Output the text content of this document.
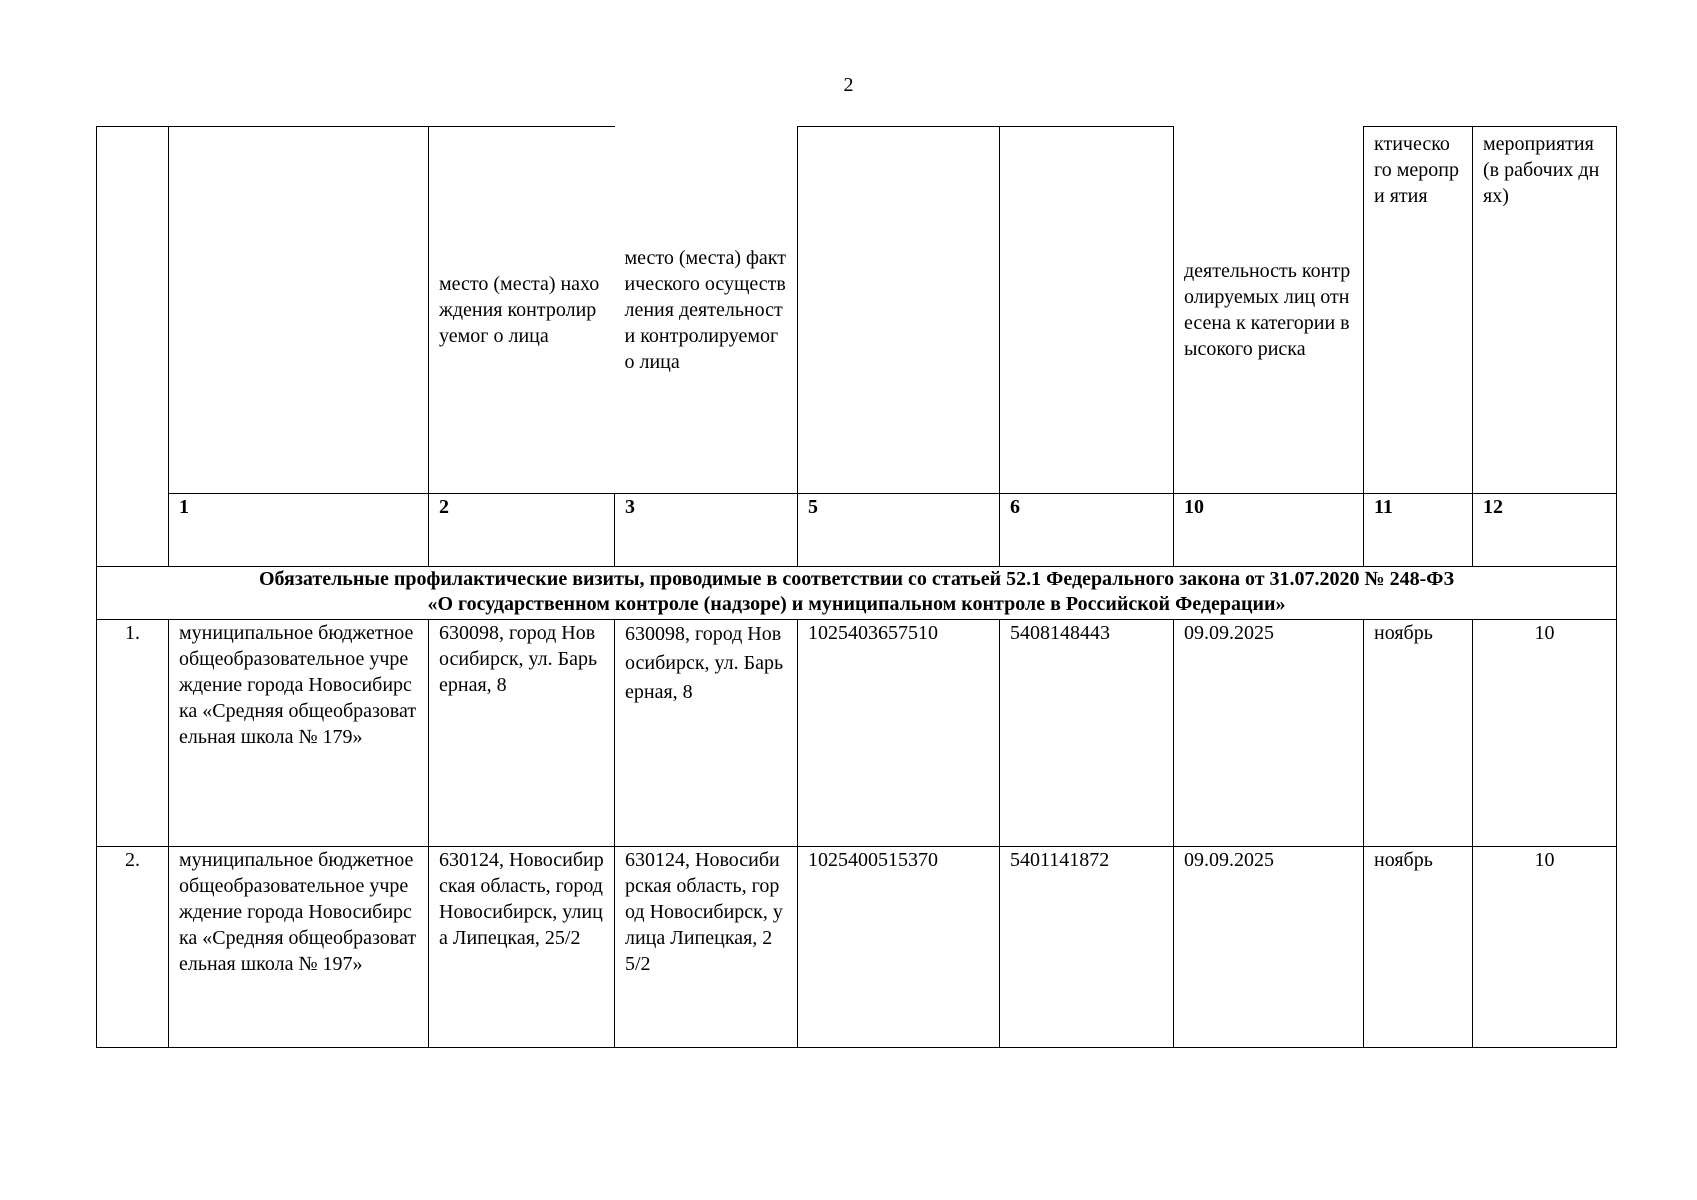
2
		место (места) нахождения контролируемог о лица	место (места) фактического осуществления деятельности контролируемог о лица			деятельность контролируемых лиц отнесена к категории высокого риска	ктическо го меропри ятия	мероприятия (в рабочих днях)
	1	2	3	5	6	10	11	12

Обязательные профилактические визиты, проводимые в соответствии со статьей 52.1 Федерального закона от 31.07.2020 № 248-ФЗ
«О государственном контроле (надзоре) и муниципальном контроле в Российской Федерации»								

1.	муниципальное бюджетное общеобразовательное учреждение города Новосибирска «Средняя общеобразовательная школа № 179»	630098, город Новосибирск, ул. Барьерная, 8	630098, город Новосибирск, ул. Барьерная, 8	1025403657510	5408148443	09.09.2025	ноябрь	10
2.	муниципальное бюджетное общеобразовательное учреждение города Новосибирска «Средняя общеобразовательная школа № 197»	630124, Новосибирская область, город Новосибирск, улица Липецкая, 25/2	630124, Новосибирская область, город Новосибирск, улица Липецкая, 25/2	1025400515370	5401141872	09.09.2025	ноябрь	10
